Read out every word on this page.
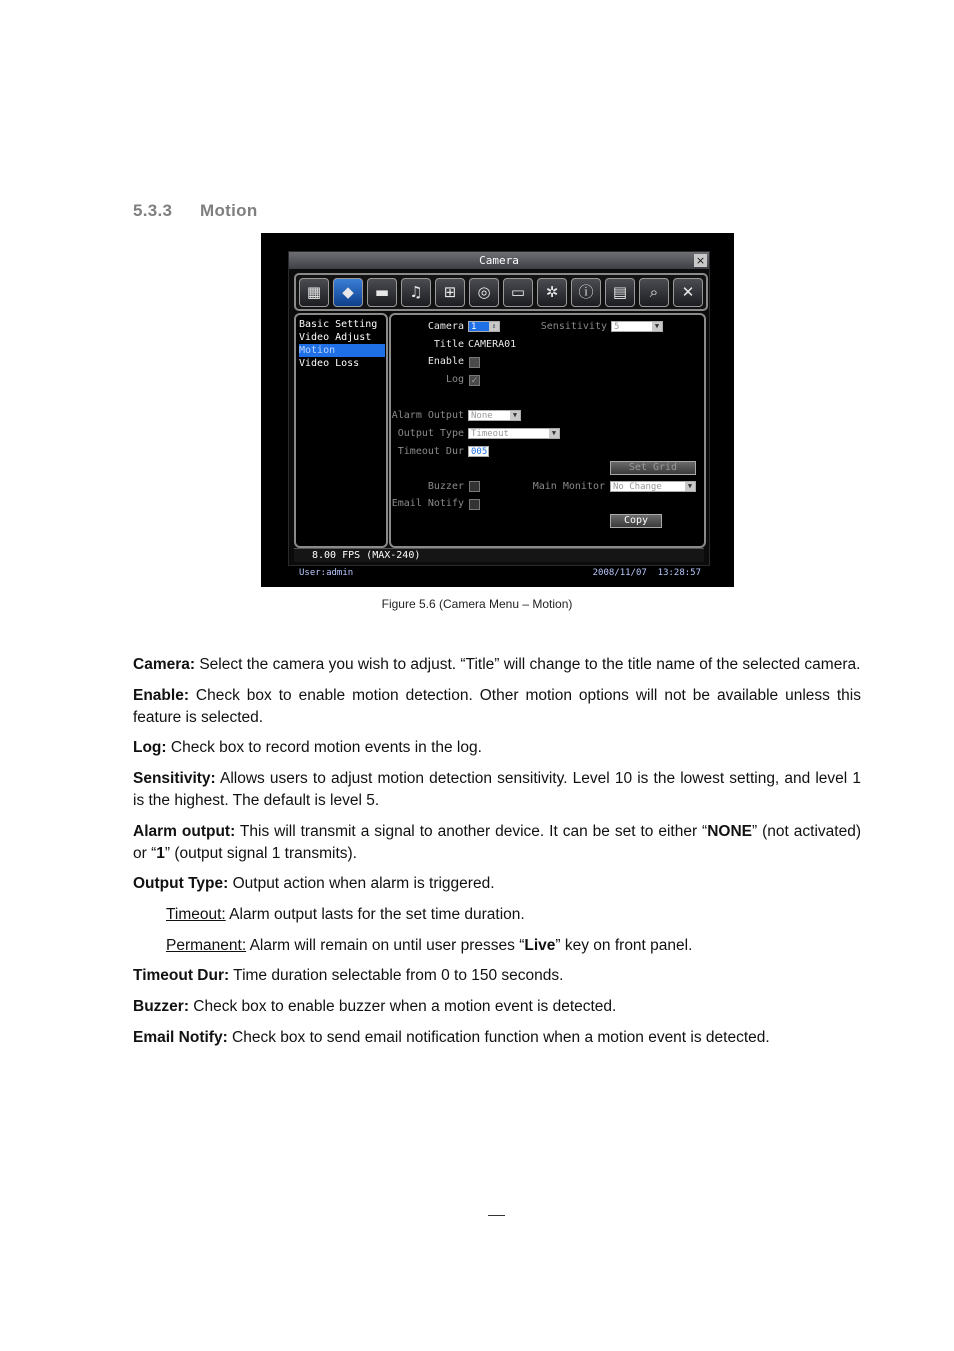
5.3.3 Motion
Camera	×
▦	◆	▬	♫	⊞	◎	▭	✲	ⓘ	▤	⌕	✕
Basic Setting
Video Adjust
Motion
Video Loss
Camera 1	⇕
Title CAMERA01
Enable
Log ✓
Sensitivity 5	▼
Alarm Output None	▼
Output Type Timeout	▼
Timeout Dur 005
Set Grid
Buzzer
Email Notify
Main Monitor No Change	▼
Copy
8.00 FPS (MAX-240)
User:admin	2008/11/07  13:28:57
Figure 5.6 (Camera Menu – Motion)
Camera: Select the camera you wish to adjust. “Title” will change to the title name of the selected camera.
Enable: Check box to enable motion detection. Other motion options will not be available unless this feature is selected.
Log: Check box to record motion events in the log.
Sensitivity: Allows users to adjust motion detection sensitivity. Level 10 is the lowest setting, and level 1 is the highest. The default is level 5.
Alarm output: This will transmit a signal to another device. It can be set to either “NONE” (not activated) or “1” (output signal 1 transmits).
Output Type: Output action when alarm is triggered.
Timeout: Alarm output lasts for the set time duration.
Permanent: Alarm will remain on until user presses “Live” key on front panel.
Timeout Dur: Time duration selectable from 0 to 150 seconds.
Buzzer: Check box to enable buzzer when a motion event is detected.
Email Notify: Check box to send email notification function when a motion event is detected.
